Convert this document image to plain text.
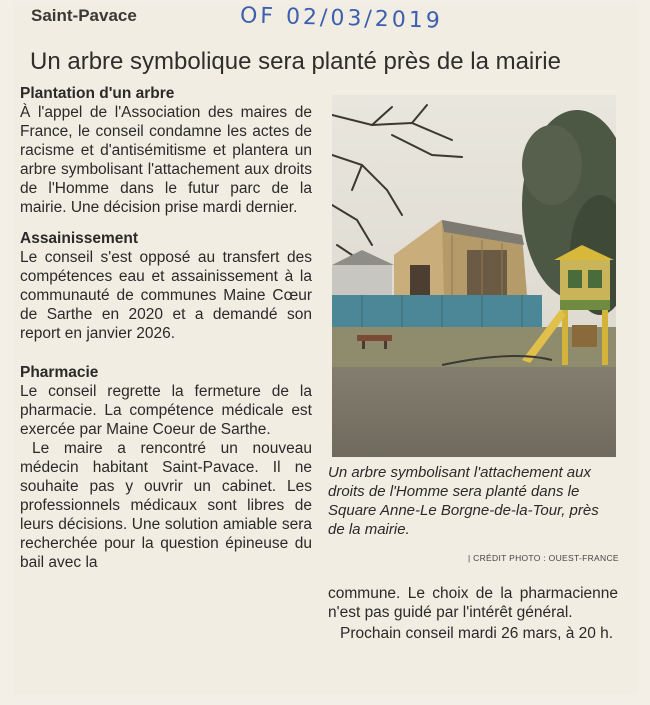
Saint-Pavace	OF 02/03/2019
Un arbre symbolique sera planté près de la mairie
Plantation d'un arbre

À l'appel de l'Association des maires de France, le conseil condamne les actes de racisme et d'antisémitisme et plantera un arbre symbolisant l'attachement aux droits de l'Homme dans le futur parc de la mairie. Une décision prise mardi dernier.

Assainissement

Le conseil s'est opposé au transfert des compétences eau et assainissement à la communauté de communes Maine Cœur de Sarthe en 2020 et a demandé son report en janvier 2026.

Pharmacie

Le conseil regrette la fermeture de la pharmacie. La compétence médicale est exercée par Maine Coeur de Sarthe.

Le maire a rencontré un nouveau médecin habitant Saint-Pavace. Il ne souhaite pas y ouvrir un cabinet. Les professionnels médicaux sont libres de leurs décisions. Une solution amiable sera recherchée pour la question épineuse du bail avec la

Un arbre symbolisant l'attachement aux droits de l'Homme sera planté dans le Square Anne-Le Borgne-de-la-Tour, près de la mairie.
| CRÉDIT PHOTO : OUEST-FRANCE

commune. Le choix de la pharmacienne n'est pas guidé par l'intérêt général.

Prochain conseil mardi 26 mars, à 20 h.
